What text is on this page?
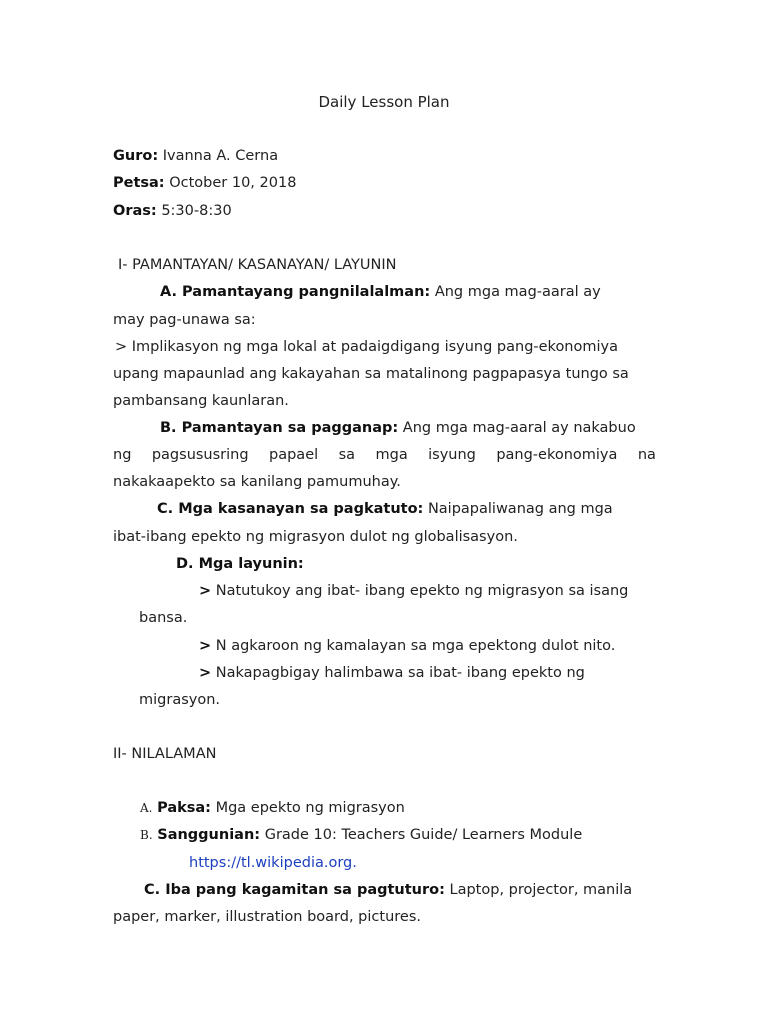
Daily Lesson Plan
Guro: Ivanna A. Cerna
Petsa: October 10, 2018
Oras: 5:30-8:30
I- PAMANTAYAN/ KASANAYAN/ LAYUNIN
A. Pamantayang pangnilalalman: Ang mga mag-aaral ay
may pag-unawa sa:
> Implikasyon ng mga lokal at padaigdigang isyung pang-ekonomiya
upang mapaunlad ang kakayahan sa matalinong pagpapasya tungo sa
pambansang kaunlaran.
B. Pamantayan sa pagganap: Ang mga mag-aaral ay nakabuo
ng pagsususring papael sa mga isyung pang-ekonomiya na
nakakaapekto sa kanilang pamumuhay.
C. Mga kasanayan sa pagkatuto: Naipapaliwanag ang mga
ibat-ibang epekto ng migrasyon dulot ng globalisasyon.
D. Mga layunin:
> Natutukoy ang ibat- ibang epekto ng migrasyon sa isang
bansa.
> N agkaroon ng kamalayan sa mga epektong dulot nito.
> Nakapagbigay halimbawa sa ibat- ibang epekto ng
migrasyon.
II- NILALAMAN
A. Paksa: Mga epekto ng migrasyon
B. Sanggunian: Grade 10: Teachers Guide/ Learners Module
https://tl.wikipedia.org.
C. Iba pang kagamitan sa pagtuturo: Laptop, projector, manila
paper, marker, illustration board, pictures.
